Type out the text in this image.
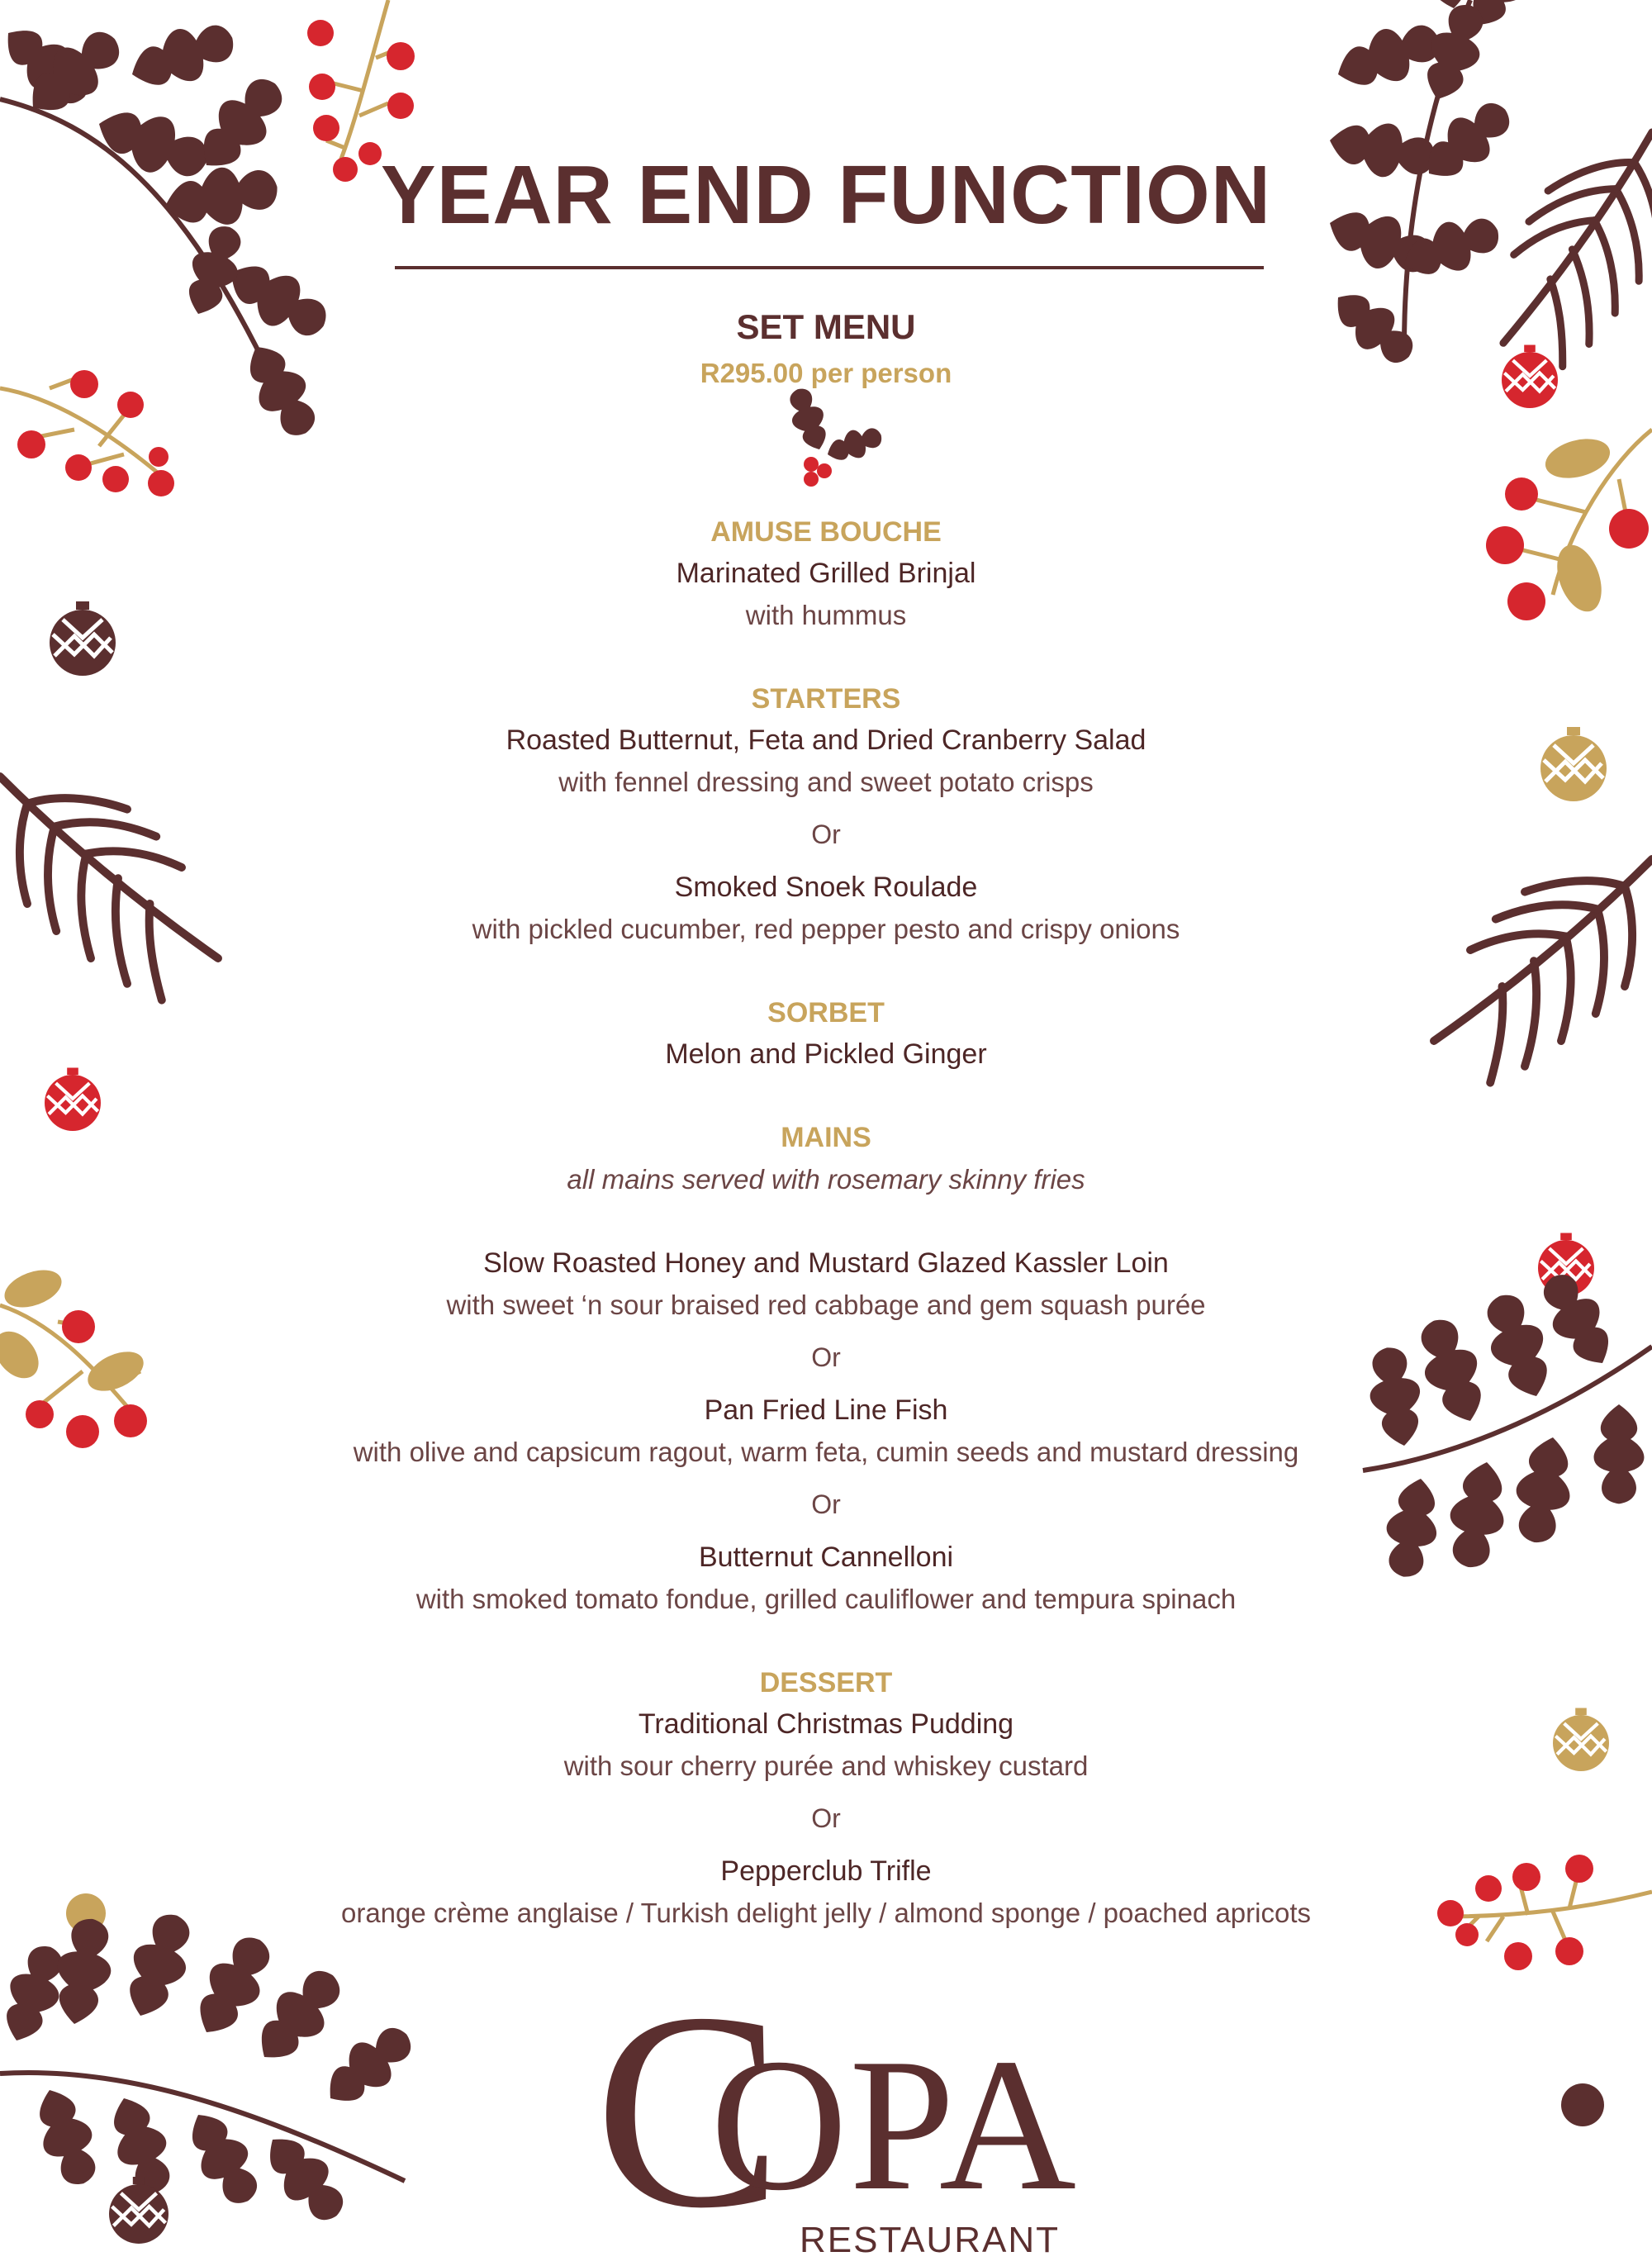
YEAR END FUNCTION
SET MENU
R295.00 per person
AMUSE BOUCHE
Marinated Grilled Brinjal
with hummus
STARTERS
Roasted Butternut, Feta and Dried Cranberry Salad
with fennel dressing and sweet potato crisps
Or
Smoked Snoek Roulade
with pickled cucumber, red pepper pesto and crispy onions
SORBET
Melon and Pickled Ginger
MAINS
all mains served with rosemary skinny fries
Slow Roasted Honey and Mustard Glazed Kassler Loin
with sweet ‘n sour braised red cabbage and gem squash purée
Or
Pan Fried Line Fish
with olive and capsicum ragout, warm feta, cumin seeds and mustard dressing
Or
Butternut Cannelloni
with smoked tomato fondue, grilled cauliflower and tempura spinach
DESSERT
Traditional Christmas Pudding
with sour cherry purée and whiskey custard
Or
Pepperclub Trifle
orange crème anglaise / Turkish delight jelly / almond sponge / poached apricots
C
OPA
RESTAURANT
